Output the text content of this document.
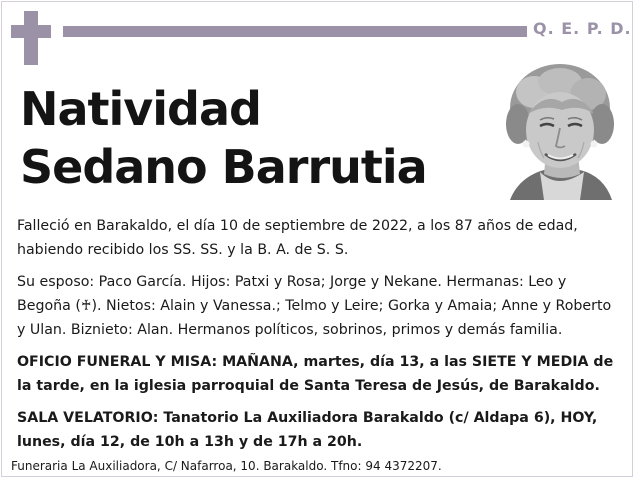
Q. E. P. D.
Natividad
Sedano Barrutia

Falleció en Barakaldo, el día 10 de septiembre de 2022, a los 87 años de edad, habiendo recibido los SS. SS. y la B. A. de S. S.

Su esposo: Paco García. Hijos: Patxi y Rosa; Jorge y Nekane. Hermanas: Leo y Begoña (♰). Nietos: Alain y Vanessa.; Telmo y Leire; Gorka y Amaia; Anne y Roberto y Ulan. Biznieto: Alan. Hermanos políticos, sobrinos, primos y demás familia.

OFICIO FUNERAL Y MISA: MAÑANA, martes, día 13, a las SIETE Y MEDIA de la tarde, en la iglesia parroquial de Santa Teresa de Jesús, de Barakaldo.

SALA VELATORIO: Tanatorio La Auxiliadora Barakaldo (c/ Aldapa 6), HOY, lunes, día 12, de 10h a 13h y de 17h a 20h.

Funeraria La Auxiliadora, C/ Nafarroa, 10. Barakaldo. Tfno: 94 4372207.
